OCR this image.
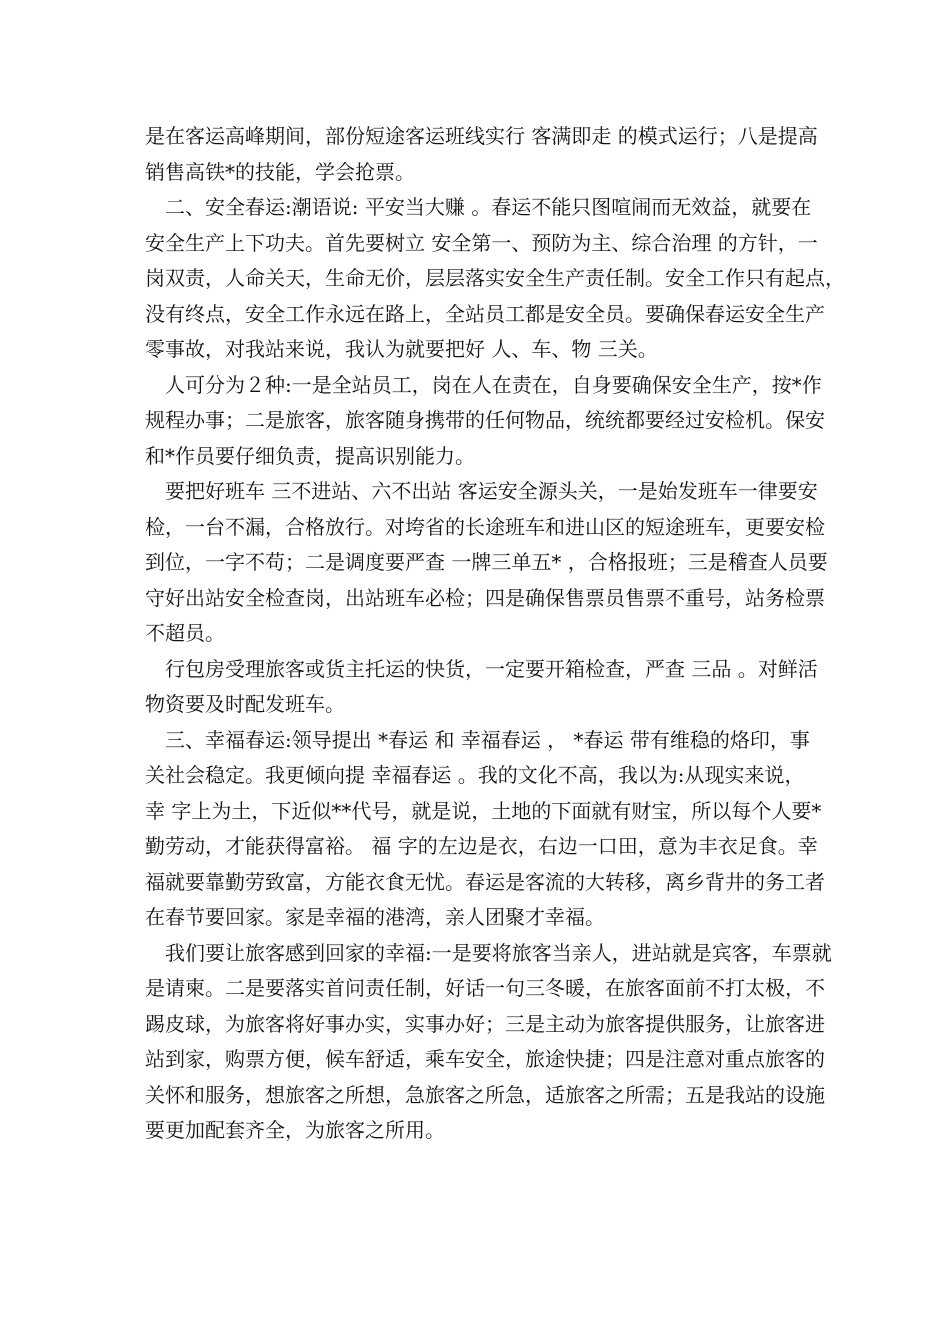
是在客运高峰期间，部份短途客运班线实行 客满即走 的模式运行；八是提高
销售高铁*的技能，学会抢票。
二、安全春运:潮语说: 平安当大赚 。春运不能只图喧闹而无效益，就要在
安全生产上下功夫。首先要树立 安全第一、预防为主、综合治理 的方针，一
岗双责，人命关天，生命无价，层层落实安全生产责任制。安全工作只有起点，
没有终点，安全工作永远在路上，全站员工都是安全员。要确保春运安全生产
零事故，对我站来说，我认为就要把好 人、车、物 三关。
人可分为２种:一是全站员工，岗在人在责在，自身要确保安全生产，按*作
规程办事；二是旅客，旅客随身携带的任何物品，统统都要经过安检机。保安
和*作员要仔细负责，提高识别能力。
要把好班车 三不进站、六不出站 客运安全源头关，一是始发班车一律要安
检，一台不漏，合格放行。对垮省的长途班车和进山区的短途班车，更要安检
到位，一字不苟；二是调度要严查 一牌三单五* ，合格报班；三是稽查人员要
守好出站安全检查岗，出站班车必检；四是确保售票员售票不重号，站务检票
不超员。
行包房受理旅客或货主托运的快货，一定要开箱检查，严查 三品 。对鲜活
物资要及时配发班车。
三、幸福春运:领导提出 *春运 和 幸福春运 ， *春运 带有维稳的烙印，事
关社会稳定。我更倾向提 幸福春运 。我的文化不高，我以为:从现实来说，
幸 字上为土，下近似**代号，就是说，土地的下面就有财宝，所以每个人要*
勤劳动，才能获得富裕。 福 字的左边是衣，右边一口田，意为丰衣足食。幸
福就要靠勤劳致富，方能衣食无忧。春运是客流的大转移，离乡背井的务工者
在春节要回家。家是幸福的港湾，亲人团聚才幸福。
我们要让旅客感到回家的幸福:一是要将旅客当亲人，进站就是宾客，车票就
是请柬。二是要落实首问责任制，好话一句三冬暖，在旅客面前不打太极，不
踢皮球，为旅客将好事办实，实事办好；三是主动为旅客提供服务，让旅客进
站到家，购票方便，候车舒适，乘车安全，旅途快捷；四是注意对重点旅客的
关怀和服务，想旅客之所想，急旅客之所急，适旅客之所需；五是我站的设施
要更加配套齐全，为旅客之所用。
